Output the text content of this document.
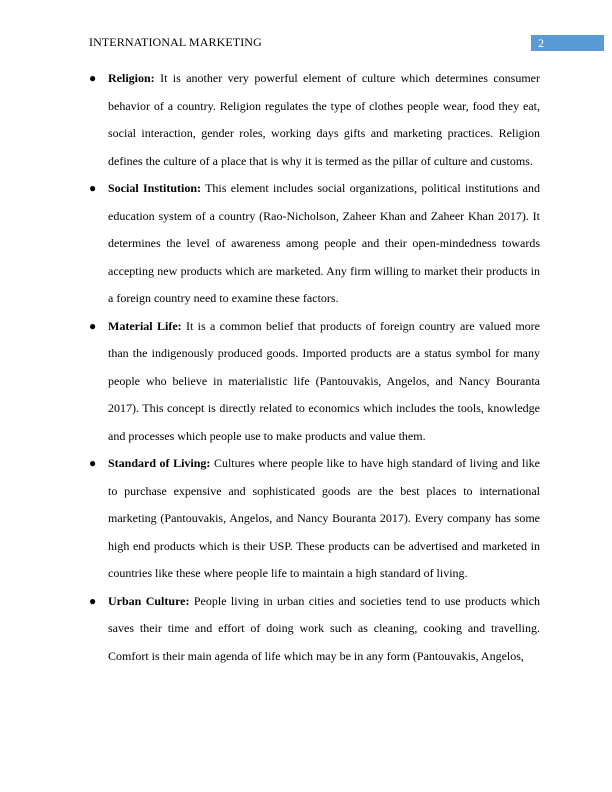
INTERNATIONAL MARKETING	2
● Religion: It is another very powerful element of culture which determines consumer behavior of a country. Religion regulates the type of clothes people wear, food they eat, social interaction, gender roles, working days gifts and marketing practices. Religion defines the culture of a place that is why it is termed as the pillar of culture and customs.
● Social Institution: This element includes social organizations, political institutions and education system of a country (Rao-Nicholson, Zaheer Khan and Zaheer Khan 2017). It determines the level of awareness among people and their open-mindedness towards accepting new products which are marketed. Any firm willing to market their products in a foreign country need to examine these factors.
● Material Life: It is a common belief that products of foreign country are valued more than the indigenously produced goods. Imported products are a status symbol for many people who believe in materialistic life (Pantouvakis, Angelos, and Nancy Bouranta 2017). This concept is directly related to economics which includes the tools, knowledge and processes which people use to make products and value them.
● Standard of Living: Cultures where people like to have high standard of living and like to purchase expensive and sophisticated goods are the best places to international marketing (Pantouvakis, Angelos, and Nancy Bouranta 2017). Every company has some high end products which is their USP. These products can be advertised and marketed in countries like these where people life to maintain a high standard of living.
● Urban Culture: People living in urban cities and societies tend to use products which saves their time and effort of doing work such as cleaning, cooking and travelling. Comfort is their main agenda of life which may be in any form (Pantouvakis, Angelos,
